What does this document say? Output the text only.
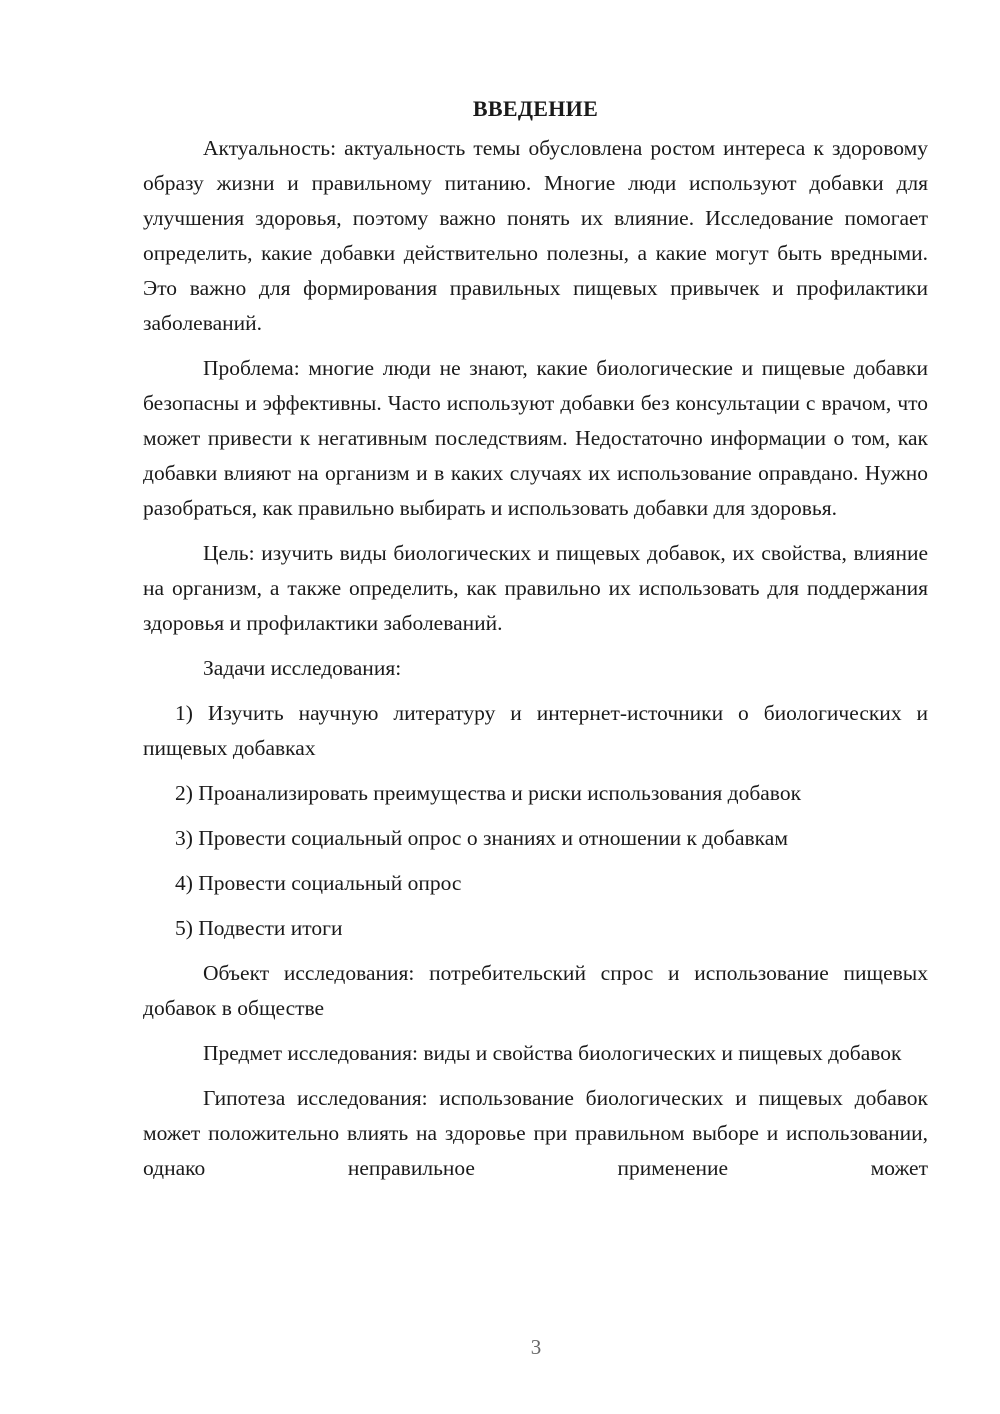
ВВЕДЕНИЕ

Актуальность: актуальность темы обусловлена ростом интереса к здоровому образу жизни и правильному питанию. Многие люди используют добавки для улучшения здоровья, поэтому важно понять их влияние. Исследование помогает определить, какие добавки действительно полезны, а какие могут быть вредными. Это важно для формирования правильных пищевых привычек и профилактики заболеваний.

Проблема: многие люди не знают, какие биологические и пищевые добавки безопасны и эффективны. Часто используют добавки без консультации с врачом, что может привести к негативным последствиям. Недостаточно информации о том, как добавки влияют на организм и в каких случаях их использование оправдано. Нужно разобраться, как правильно выбирать и использовать добавки для здоровья.

Цель: изучить виды биологических и пищевых добавок, их свойства, влияние на организм, а также определить, как правильно их использовать для поддержания здоровья и профилактики заболеваний.

Задачи исследования:

1) Изучить научную литературу и интернет-источники о биологических и пищевых добавках

2) Проанализировать преимущества и риски использования добавок

3) Провести социальный опрос о знаниях и отношении к добавкам

4) Провести социальный опрос

5) Подвести итоги

Объект исследования: потребительский спрос и использование пищевых добавок в обществе

Предмет исследования: виды и свойства биологических и пищевых добавок

Гипотеза исследования: использование биологических и пищевых добавок может положительно влиять на здоровье при правильном выборе и использовании, однако неправильное применение может

3
